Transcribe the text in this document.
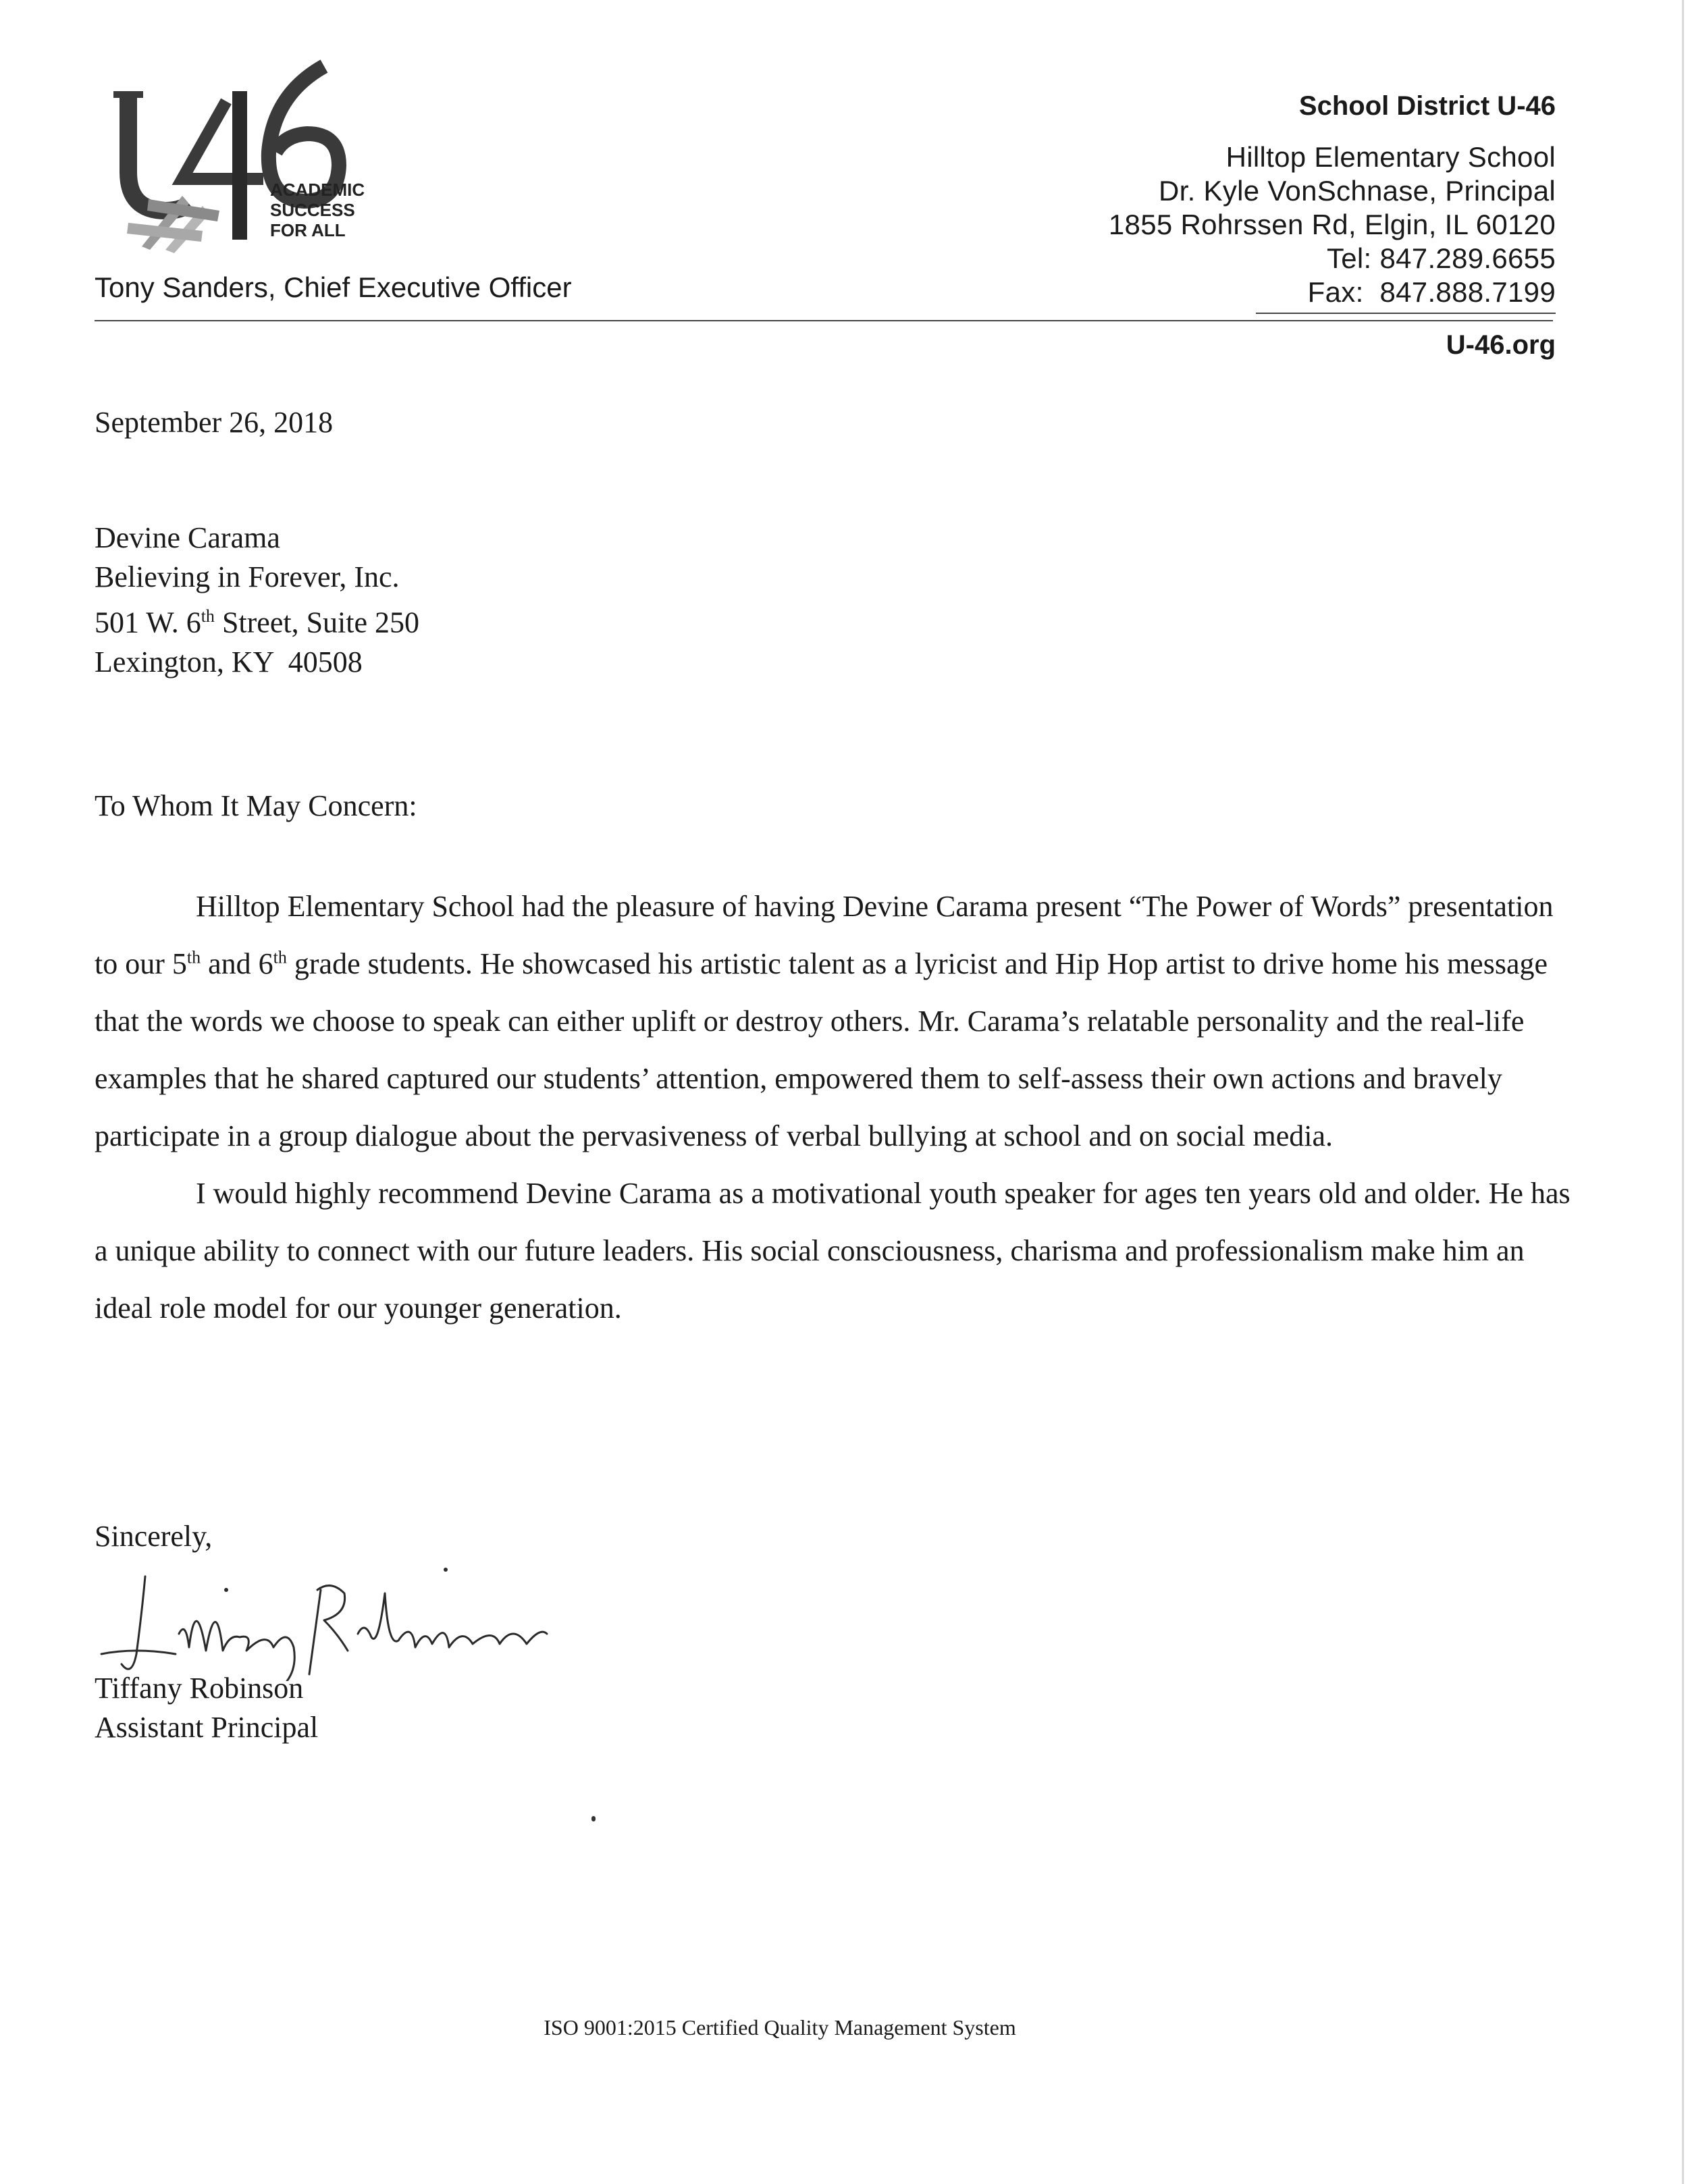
ACADEMIC
SUCCESS
FOR ALL
Tony Sanders, Chief Executive Officer
School District U-46
Hilltop Elementary School
Dr. Kyle VonSchnase, Principal
1855 Rohrssen Rd, Elgin, IL 60120
Tel: 847.289.6655
Fax:  847.888.7199
U-46.org
September 26, 2018
Devine Carama
Believing in Forever, Inc.
501 W. 6th Street, Suite 250
Lexington, KY  40508
To Whom It May Concern:

Hilltop Elementary School had the pleasure of having Devine Carama present “The Power of Words” presentation to our 5th and 6th grade students. He showcased his artistic talent as a lyricist and Hip Hop artist to drive home his message that the words we choose to speak can either uplift or destroy others. Mr. Carama’s relatable personality and the real-life examples that he shared captured our students’ attention, empowered them to self-assess their own actions and bravely participate in a group dialogue about the pervasiveness of verbal bullying at school and on social media.

I would highly recommend Devine Carama as a motivational youth speaker for ages ten years old and older. He has a unique ability to connect with our future leaders. His social consciousness, charisma and professionalism make him an ideal role model for our younger generation.

Sincerely,
Tiffany Robinson
Assistant Principal
ISO 9001:2015 Certified Quality Management System
